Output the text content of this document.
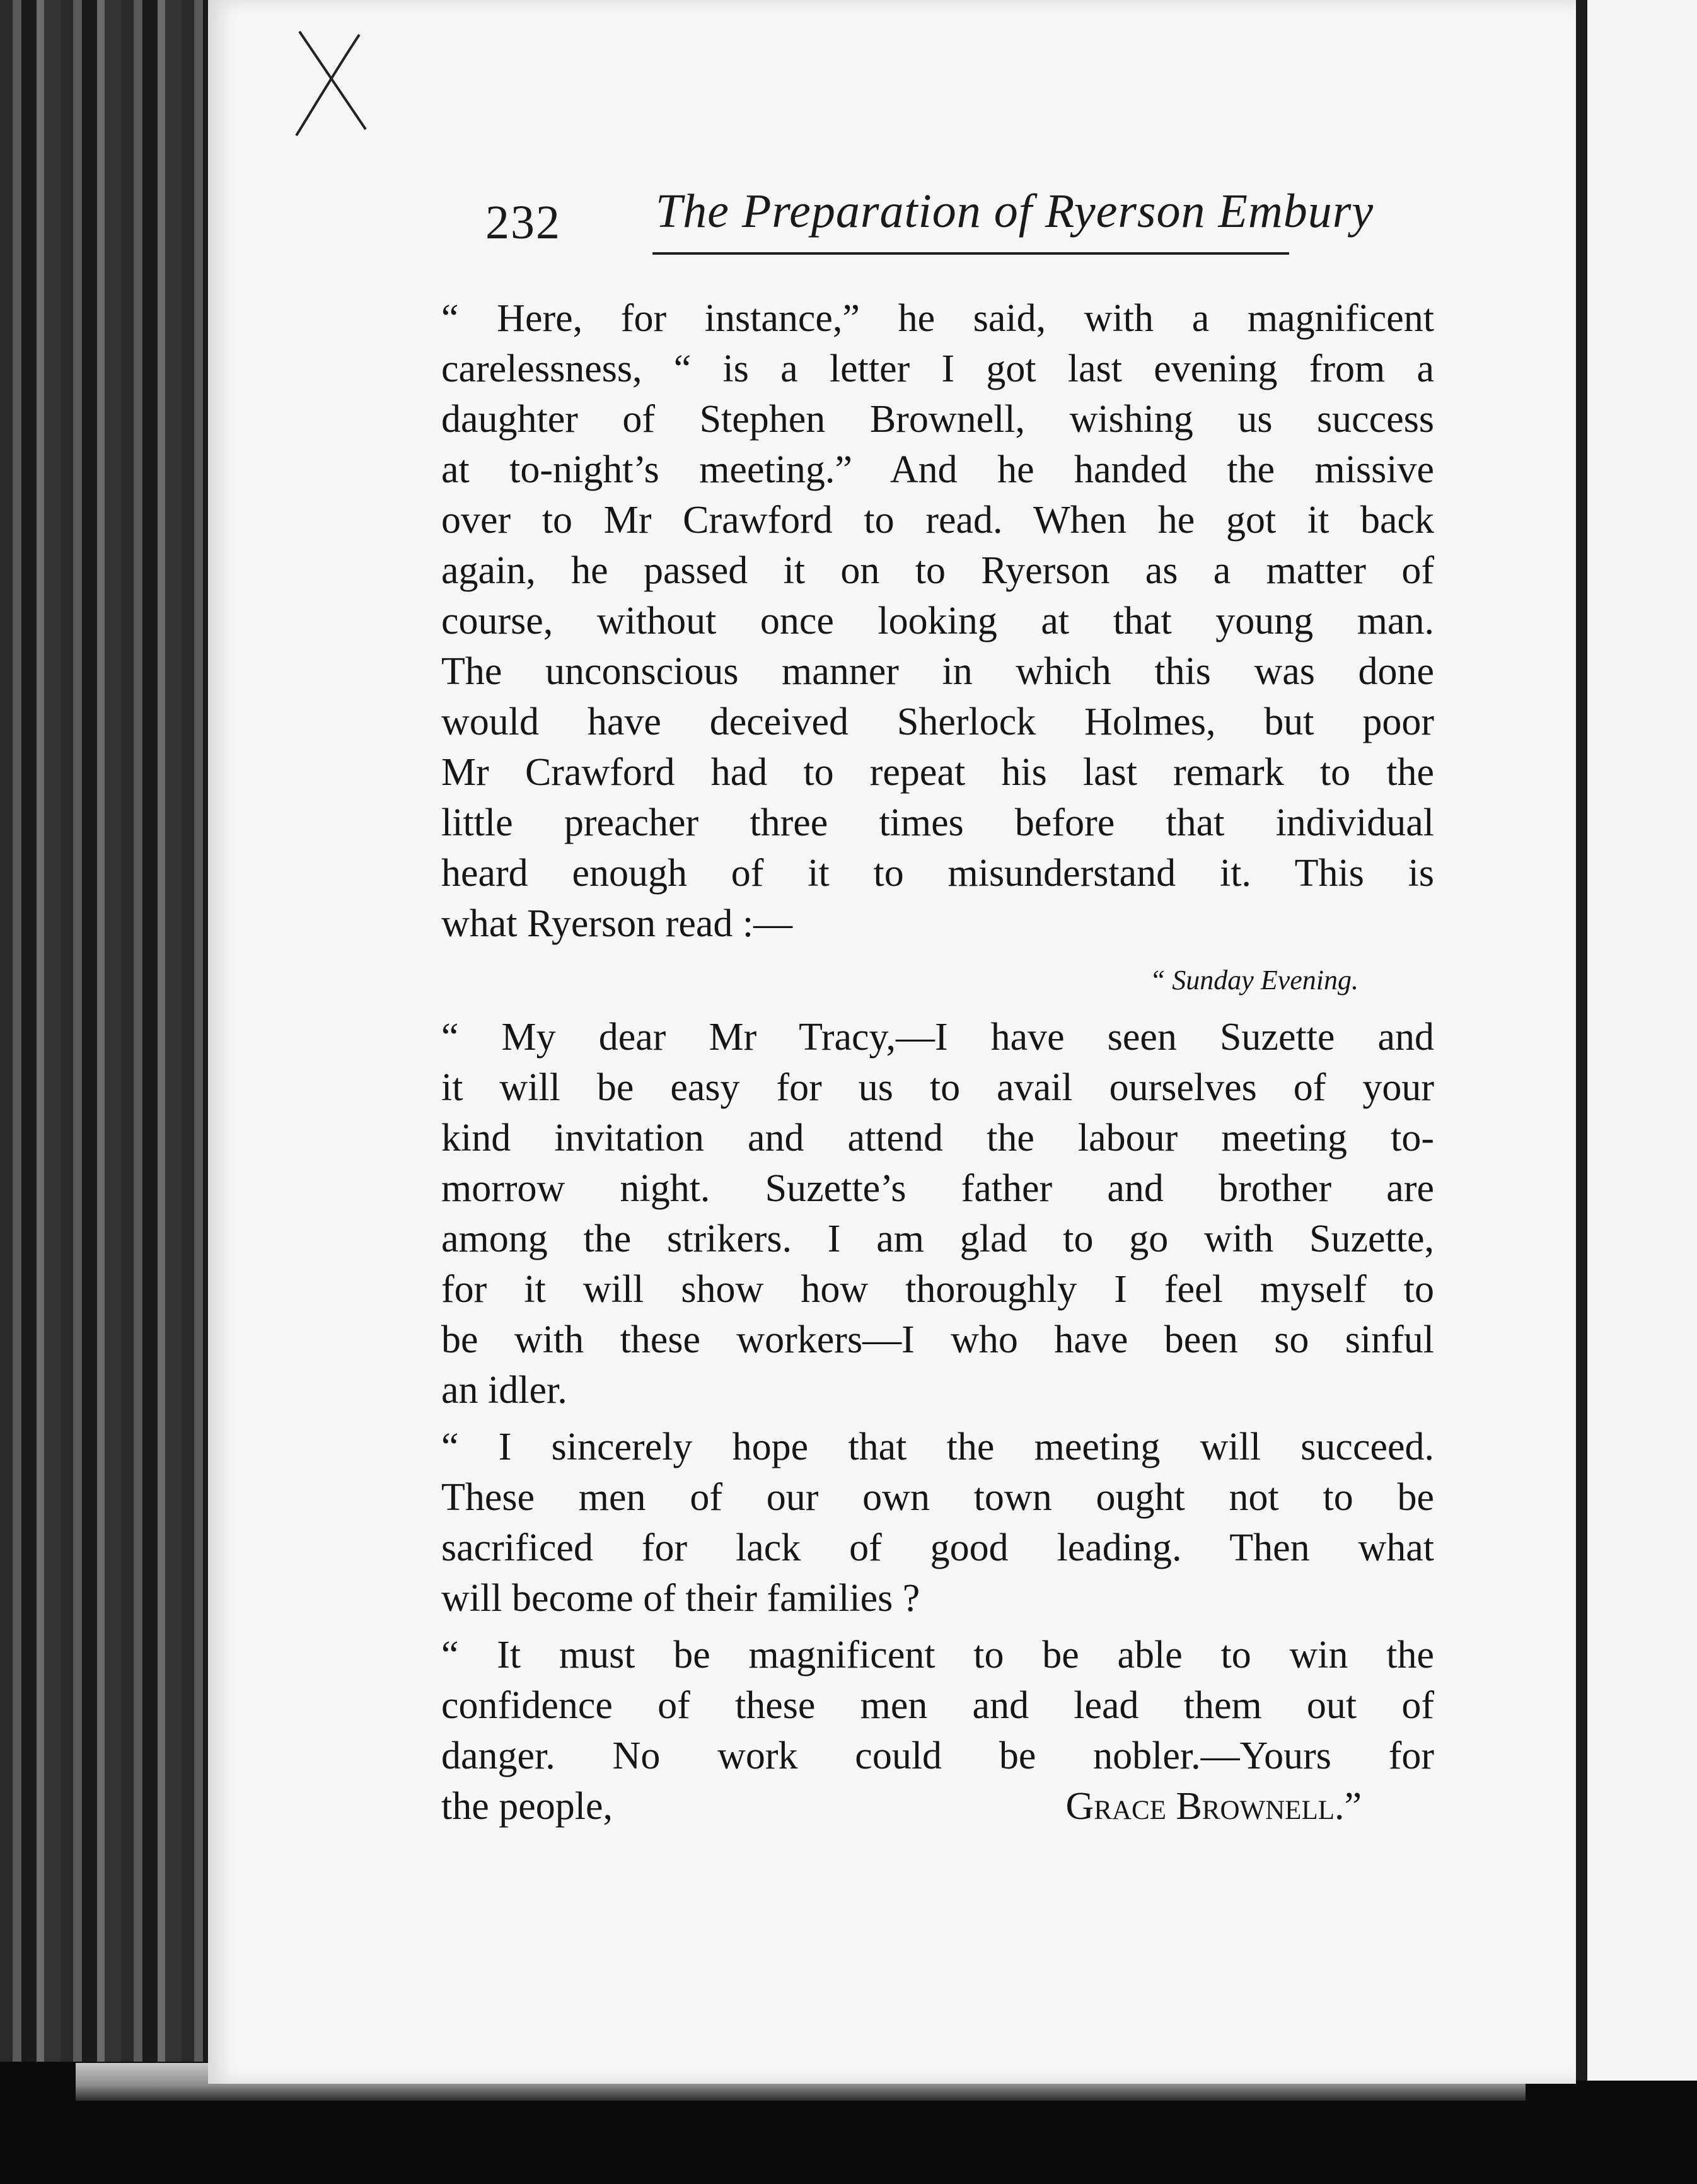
232 The Preparation of Ryerson Embury
“ Here, for instance,” he said, with a magnificent
carelessness, “ is a letter I got last evening from a
daughter of Stephen Brownell, wishing us success
at to-night’s meeting.” And he handed the missive
over to Mr Crawford to read. When he got it back
again, he passed it on to Ryerson as a matter of
course, without once looking at that young man.
The unconscious manner in which this was done
would have deceived Sherlock Holmes, but poor
Mr Crawford had to repeat his last remark to the
little preacher three times before that individual
heard enough of it to misunderstand it. This is
what Ryerson read :—
“ Sunday Evening.
“ My dear Mr Tracy,—I have seen Suzette and
it will be easy for us to avail ourselves of your
kind invitation and attend the labour meeting to-
morrow night. Suzette’s father and brother are
among the strikers. I am glad to go with Suzette,
for it will show how thoroughly I feel myself to
be with these workers—I who have been so sinful
an idler.
“ I sincerely hope that the meeting will succeed.
These men of our own town ought not to be
sacrificed for lack of good leading. Then what
will become of their families ?
“ It must be magnificent to be able to win the
confidence of these men and lead them out of
danger. No work could be nobler.—Yours for
the people,	Grace Brownell.”
